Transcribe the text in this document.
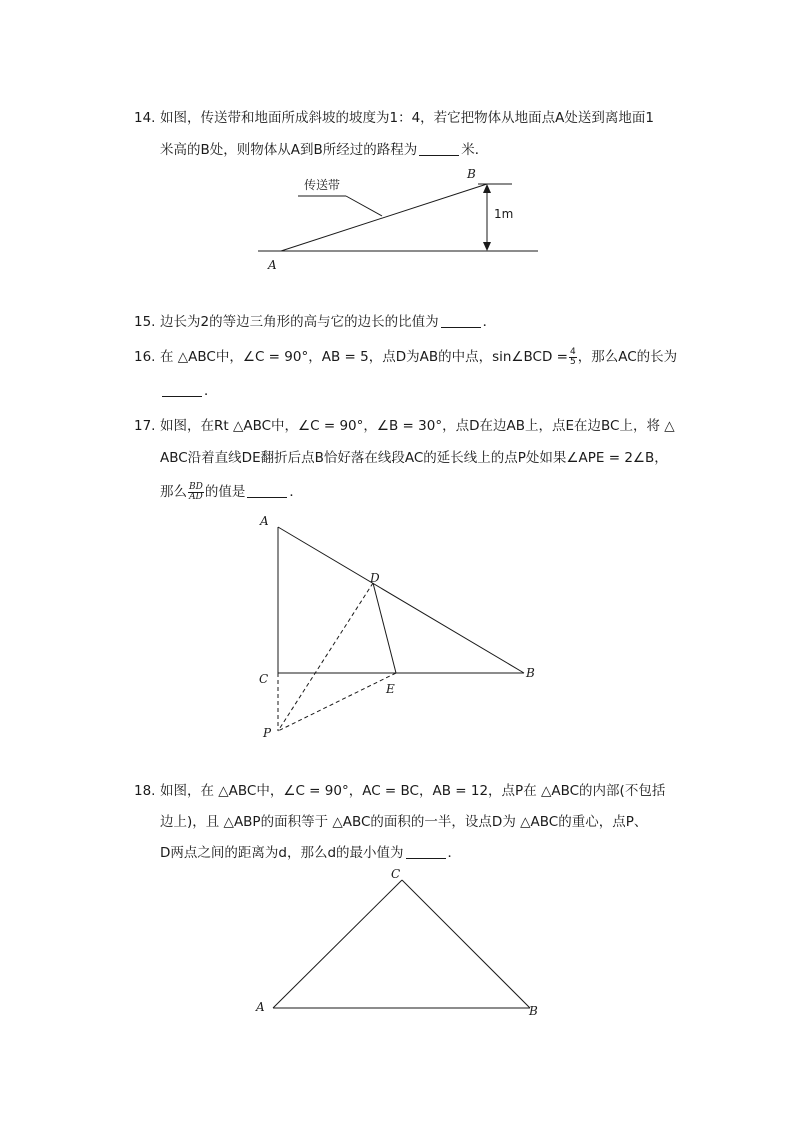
14. 如图，传送带和地面所成斜坡的坡度为1：4，若它把物体从地面点A处送到离地面1
米高的B处，则物体从A到B所经过的路程为	米．
传送带
1m
B
A
15. 边长为2的等边三角形的高与它的边长的比值为	．
16. 在 △ABC中，∠C = 90°，AB = 5，点D为AB的中点，sin∠BCD = $\frac{4}{5}$ ，那么AC的长为
．
17. 如图，在Rt △ABC中，∠C = 90°，∠B = 30°，点D在边AB上，点E在边BC上，将 △
ABC沿着直线DE翻折后点B恰好落在线段AC的延长线上的点P处如果∠APE = 2∠B，
那么 $\frac{BD}{AD}$ 的值是	．
A
D
C	B
E
P
18. 如图，在 △ABC中，∠C = 90°，AC = BC，AB = 12，点P在 △ABC的内部(不包括
边上)，且 △ABP的面积等于 △ABC的面积的一半，设点D为 △ABC的重心，点P、
D两点之间的距离为d，那么d的最小值为	．
C
A	B
